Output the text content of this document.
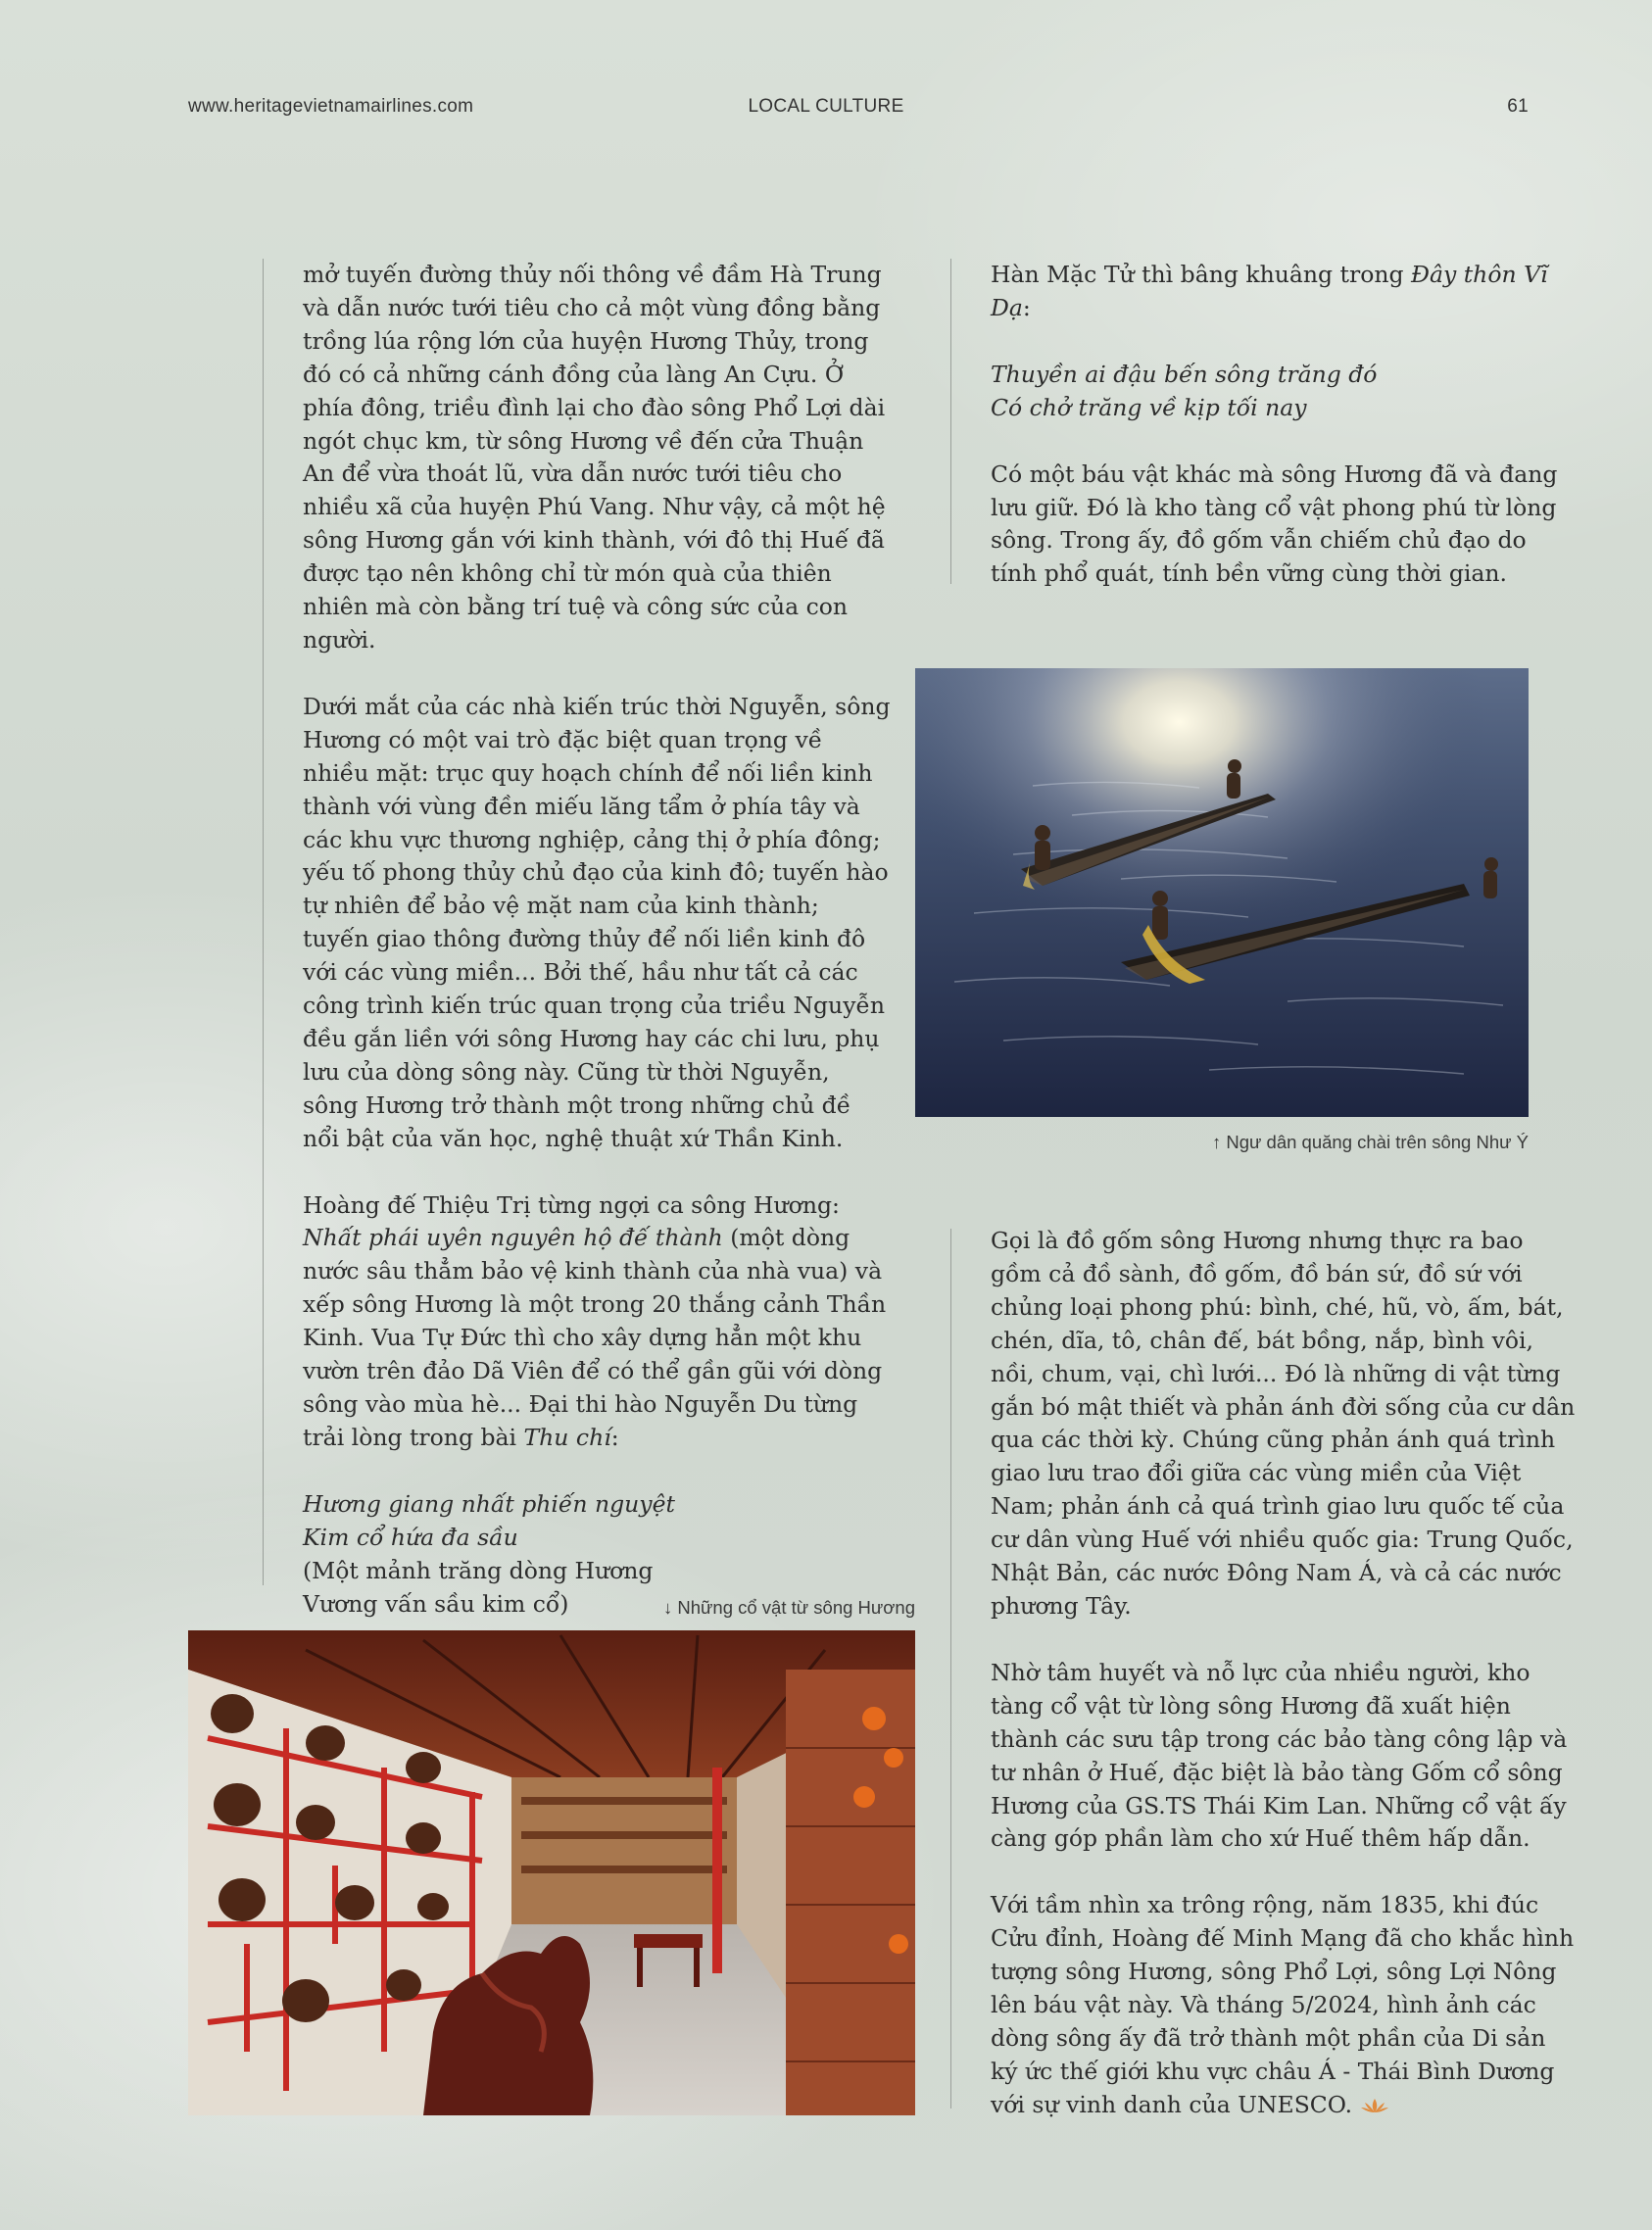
www.heritagevietnamairlines.com	LOCAL CULTURE	61

mở tuyến đường thủy nối thông về đầm Hà Trung và dẫn nước tưới tiêu cho cả một vùng đồng bằng trồng lúa rộng lớn của huyện Hương Thủy, trong đó có cả những cánh đồng của làng An Cựu. Ở phía đông, triều đình lại cho đào sông Phổ Lợi dài ngót chục km, từ sông Hương về đến cửa Thuận An để vừa thoát lũ, vừa dẫn nước tưới tiêu cho nhiều xã của huyện Phú Vang. Như vậy, cả một hệ sông Hương gắn với kinh thành, với đô thị Huế đã được tạo nên không chỉ từ món quà của thiên nhiên mà còn bằng trí tuệ và công sức của con người.

Dưới mắt của các nhà kiến trúc thời Nguyễn, sông Hương có một vai trò đặc biệt quan trọng về nhiều mặt: trục quy hoạch chính để nối liền kinh thành với vùng đền miếu lăng tẩm ở phía tây và các khu vực thương nghiệp, cảng thị ở phía đông; yếu tố phong thủy chủ đạo của kinh đô; tuyến hào tự nhiên để bảo vệ mặt nam của kinh thành; tuyến giao thông đường thủy để nối liền kinh đô với các vùng miền... Bởi thế, hầu như tất cả các công trình kiến trúc quan trọng của triều Nguyễn đều gắn liền với sông Hương hay các chi lưu, phụ lưu của dòng sông này. Cũng từ thời Nguyễn, sông Hương trở thành một trong những chủ đề nổi bật của văn học, nghệ thuật xứ Thần Kinh.

Hoàng đế Thiệu Trị từng ngợi ca sông Hương: Nhất phái uyên nguyên hộ đế thành (một dòng nước sâu thẳm bảo vệ kinh thành của nhà vua) và xếp sông Hương là một trong 20 thắng cảnh Thần Kinh. Vua Tự Đức thì cho xây dựng hẳn một khu vườn trên đảo Dã Viên để có thể gần gũi với dòng sông vào mùa hè... Đại thi hào Nguyễn Du từng trải lòng trong bài Thu chí:

Hương giang nhất phiến nguyệt
Kim cổ hứa đa sầu
(Một mảnh trăng dòng Hương
Vương vấn sầu kim cổ)

Hàn Mặc Tử thì bâng khuâng trong Đây thôn Vĩ Dạ:

Thuyền ai đậu bến sông trăng đó
Có chở trăng về kịp tối nay

Có một báu vật khác mà sông Hương đã và đang lưu giữ. Đó là kho tàng cổ vật phong phú từ lòng sông. Trong ấy, đồ gốm vẫn chiếm chủ đạo do tính phổ quát, tính bền vững cùng thời gian.

↑ Ngư dân quăng chài trên sông Như Ý

Gọi là đồ gốm sông Hương nhưng thực ra bao gồm cả đồ sành, đồ gốm, đồ bán sứ, đồ sứ với chủng loại phong phú: bình, ché, hũ, vò, ấm, bát, chén, dĩa, tô, chân đế, bát bồng, nắp, bình vôi, nồi, chum, vại, chì lưới... Đó là những di vật từng gắn bó mật thiết và phản ánh đời sống của cư dân qua các thời kỳ. Chúng cũng phản ánh quá trình giao lưu trao đổi giữa các vùng miền của Việt Nam; phản ánh cả quá trình giao lưu quốc tế của cư dân vùng Huế với nhiều quốc gia: Trung Quốc, Nhật Bản, các nước Đông Nam Á, và cả các nước phương Tây.

Nhờ tâm huyết và nỗ lực của nhiều người, kho tàng cổ vật từ lòng sông Hương đã xuất hiện thành các sưu tập trong các bảo tàng công lập và tư nhân ở Huế, đặc biệt là bảo tàng Gốm cổ sông Hương của GS.TS Thái Kim Lan. Những cổ vật ấy càng góp phần làm cho xứ Huế thêm hấp dẫn.

Với tầm nhìn xa trông rộng, năm 1835, khi đúc Cửu đỉnh, Hoàng đế Minh Mạng đã cho khắc hình tượng sông Hương, sông Phổ Lợi, sông Lợi Nông lên báu vật này. Và tháng 5/2024, hình ảnh các dòng sông ấy đã trở thành một phần của Di sản ký ức thế giới khu vực châu Á - Thái Bình Dương với sự vinh danh của UNESCO.

↓ Những cổ vật từ sông Hương
